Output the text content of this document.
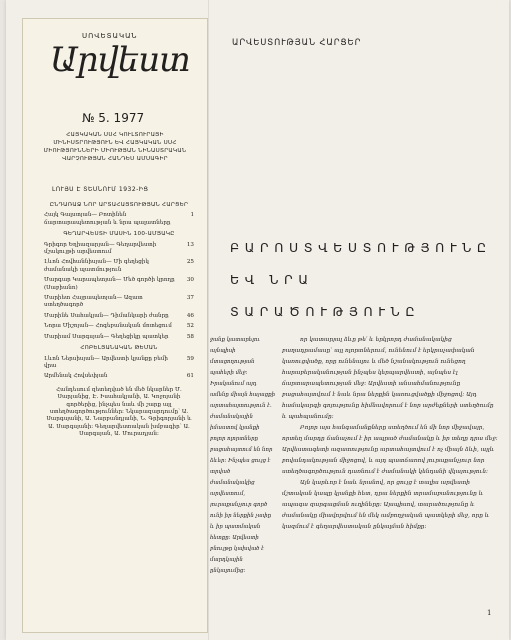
ՍՈՎԵՏԱԿԱՆ
Արվեստ
№ 5. 1977
ՀԱՅԿԱԿԱՆ ՍՍՀ ԿՈՒԼՏՈՒՐԱՅԻ ՄԻՆԻՍՏՐՈՒԹՅՈՒՆ ԵՎ ՀԱՅԿԱԿԱՆ ՍՍՀ ՄԻՈՒԹՅՈՒՆՆԵՐԻ ՄԻՈՒԹՅԱՆ ՆԻՆԱՍՏՐԱԿԱՆ ՎԱՐՉՈՒԹՅԱՆ ՀԱՆԴԵՍ ԱՄՍԱԳԻՐ
ԼՈՒՅՍ Է ՏԵՍՆՈՒՄ 1932-ԻՑ
ԸՆԴԱՌԱՋ ՆՈՐ ԱՐՏԱՀԱՅՏՈՒԹՅԱՆ ՀԱՐՑԵՐ
Հայկ Գալստյան— Բոտինեն ճարտարապետության և նրա պալատները
1
ԳԵՂԱՐՎԵՍՏԻ ՄԱՍԻՆ 100-ԱՄՅԱԿԸ
Գրիգոր Եղիազարյան— Գեղարվեստի մշակույթի արվեստում
13
Լևոն Հովհաննիսյան— Մի գեղեցիկ ժամանակի պատմություն
25
Մարգար Կարապետյան— Մեծ գործի կրողը (Սաբիանո)
30
Մարիետ Հայրապետյան— Ազատ ստեղծագործ
37
Մարինե Սահակյան— Դիմանկարի ժանրը	46
Նորա Միշոյան— Հոգեբանական մոտեցում	52
Մարիամ Սարգսյան— Գեղեցիկը պատկեր	58
ՀՈԲԵԼՅԱՆԱԿԱՆ ԹԵՄԱՆ
Լևոն Ներսիսյան— Արվեստի կյանքը բեմի վրա
59
Արմենակ Հովսեփյան	61
Հանդեսում զետեղված են մեծ նկարներ Մ. Սարյանից, Է. Իսահակյանի, Ա. Կոջոյանի գործերից, ինչպես նաև մի շարք այլ ստեղծագործություններ։ Նկարազարդումը՝ Ա. Սարգսյանի, Ա. Նարբանդյանի, Ն. Գրիգորյանի և Ա. Սարգսյանի: Գեղարվեստական խմբագիր՝ Ա. Սարգսյան, Ա. Մուրադյան:
ԱՐՎԵՍՏՈՒԹՅԱՆ ՀԱՐՑԵՐ
ԲԱՐՈՍՏՎԵՍՏՈՒԹՅՈՒՆԸ ԵՎ ՆՐԱ ՏԱՐԱԾՈՒԹՅՈՒՆԸ

ջանք կատարելու այնպիսի մտացողության պահերի մեջ։ Իրականում այդ ամենը միայն հայացքի արտահայտություն է. ժամանակային իմաստով կյանքի բոլոր ոլորտները բացահայտում են նոր ձևեր։ Ինչպես ցույց է տրված ժամանակակից արվեստում, յուրաքանչյուր գործ ունի իր ներքին չափը և իր պատմական հետքը։ Արվեստի բնույթը կախված է մարդկային ընկալումից։

որ կատարյալ ձևը թե՛ և երկրորդ ժամանակակից բաղադրամասը՝ այլ ոլորտներում, ունենում է երկրաչափական կառուցվածք, որը ունենալու և մեծ նշանակություն ունեցող հարաբերականության ինչպես կերպարվեստի, այնպես էլ ճարտարապետության մեջ։ Արվեստի անսահմանությունը բացահայտվում է նաև նրա ներքին կառուցվածքի միջոցով։ Այդ համակարգի գոյությունը հիմնավորում է նոր արժեքների ստեղծումը և պահպանումը։

Բոլոր այս հանգամանքները ստեղծում են մի նոր միջավայր, որտեղ մարդը ճանաչում է իր ապրած ժամանակը և իր տեղը դրա մեջ։ Արվեստագետի ազատությունը արտահայտվում է ոչ միայն ձևի, այլև բովանդակության միջոցով, և այդ պատճառով յուրաքանչյուր նոր ստեղծագործություն դառնում է ժամանակի կենդանի վկայություն։

Այն կարևոր է նաև նրանով, որ ցույց է տալիս արվեստի մշտական կապը կյանքի հետ, դրա ներքին տրամաբանությունը և ապագա զարգացման ուղիները։ Այսպիսով, տարածությունը և ժամանակը միավորվում են մեկ ամբողջական պատկերի մեջ, որը և կազմում է գեղարվեստական ընկալման հիմքը։

1
